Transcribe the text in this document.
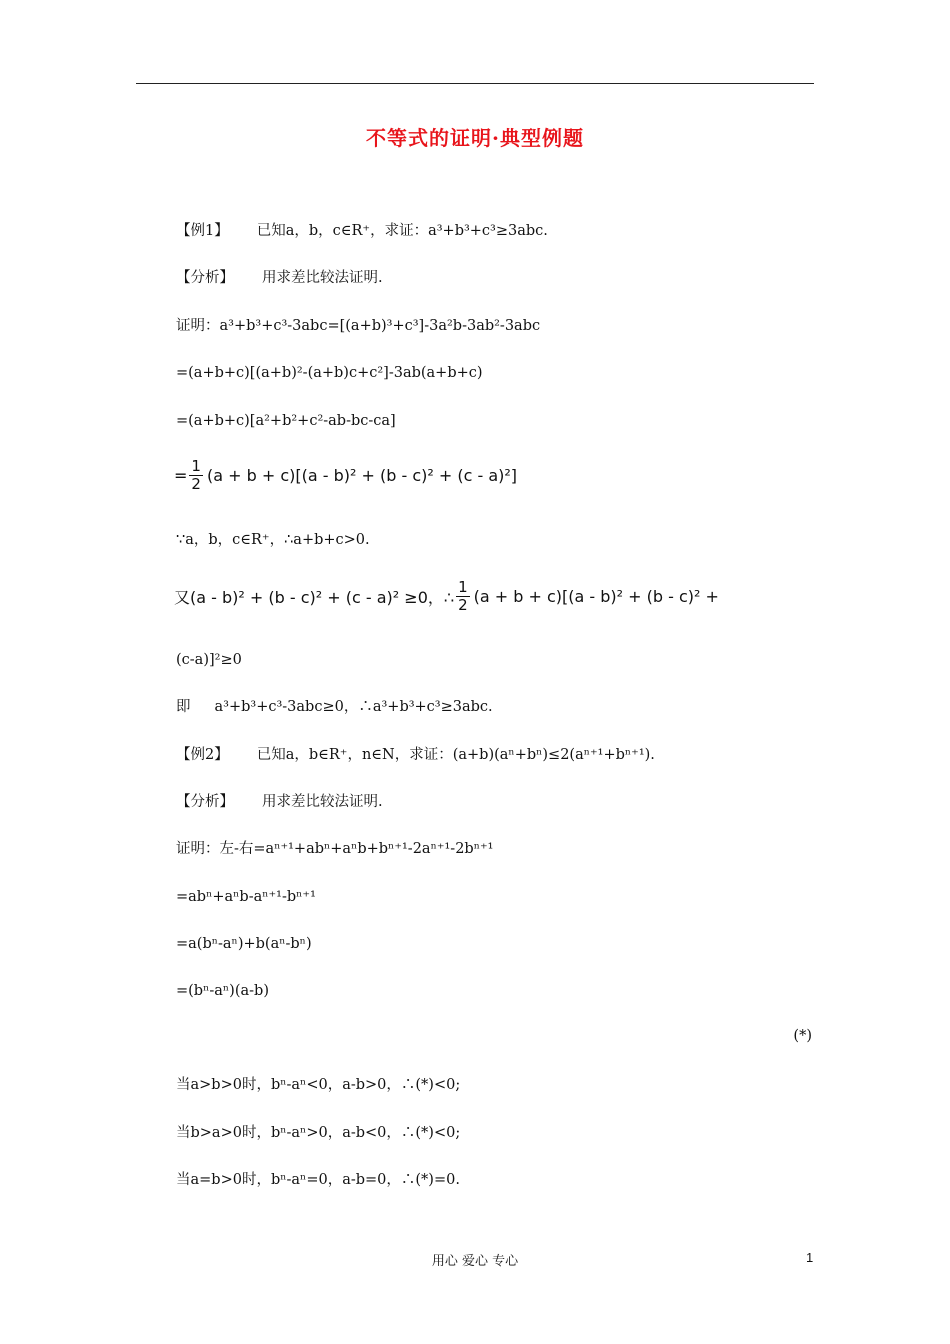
不等式的证明·典型例题
【例1】 已知a，b，c∈R⁺，求证：a³+b³+c³≥3abc.
【分析】 用求差比较法证明.
证明：a³+b³+c³-3abc=[(a+b)³+c³]-3a²b-3ab²-3abc
=(a+b+c)[(a+b)²-(a+b)c+c²]-3ab(a+b+c)
=(a+b+c)[a²+b²+c²-ab-bc-ca]
= $\frac{1}{2} (a + b + c)[(a - b)^2 + (b - c)^2 + (c - a)^2]$
∵a，b，c∈R⁺，∴a+b+c>0.
又(a - b)² + (b - c)² + (c - a)² ≥0，∴ $\frac{1}{2} (a + b + c)[(a - b)^2 + (b - c)^2$ +
(c-a)]²≥0
即 a³+b³+c³-3abc≥0，∴a³+b³+c³≥3abc.
【例2】 已知a，b∈R⁺，n∈N，求证：(a+b)(aⁿ+bⁿ)≤2(aⁿ⁺¹+bⁿ⁺¹).
【分析】 用求差比较法证明.
证明：左-右=aⁿ⁺¹+abⁿ+aⁿb+bⁿ⁺¹-2aⁿ⁺¹-2bⁿ⁺¹
=abⁿ+aⁿb-aⁿ⁺¹-bⁿ⁺¹
=a(bⁿ-aⁿ)+b(aⁿ-bⁿ)
=(bⁿ-aⁿ)(a-b)
(*)
当a>b>0时，bⁿ-aⁿ<0，a-b>0，∴(*)<0;
当b>a>0时，bⁿ-aⁿ>0，a-b<0，∴(*)<0;
当a=b>0时，bⁿ-aⁿ=0，a-b=0，∴(*)=0.
用心 爱心 专心	1
